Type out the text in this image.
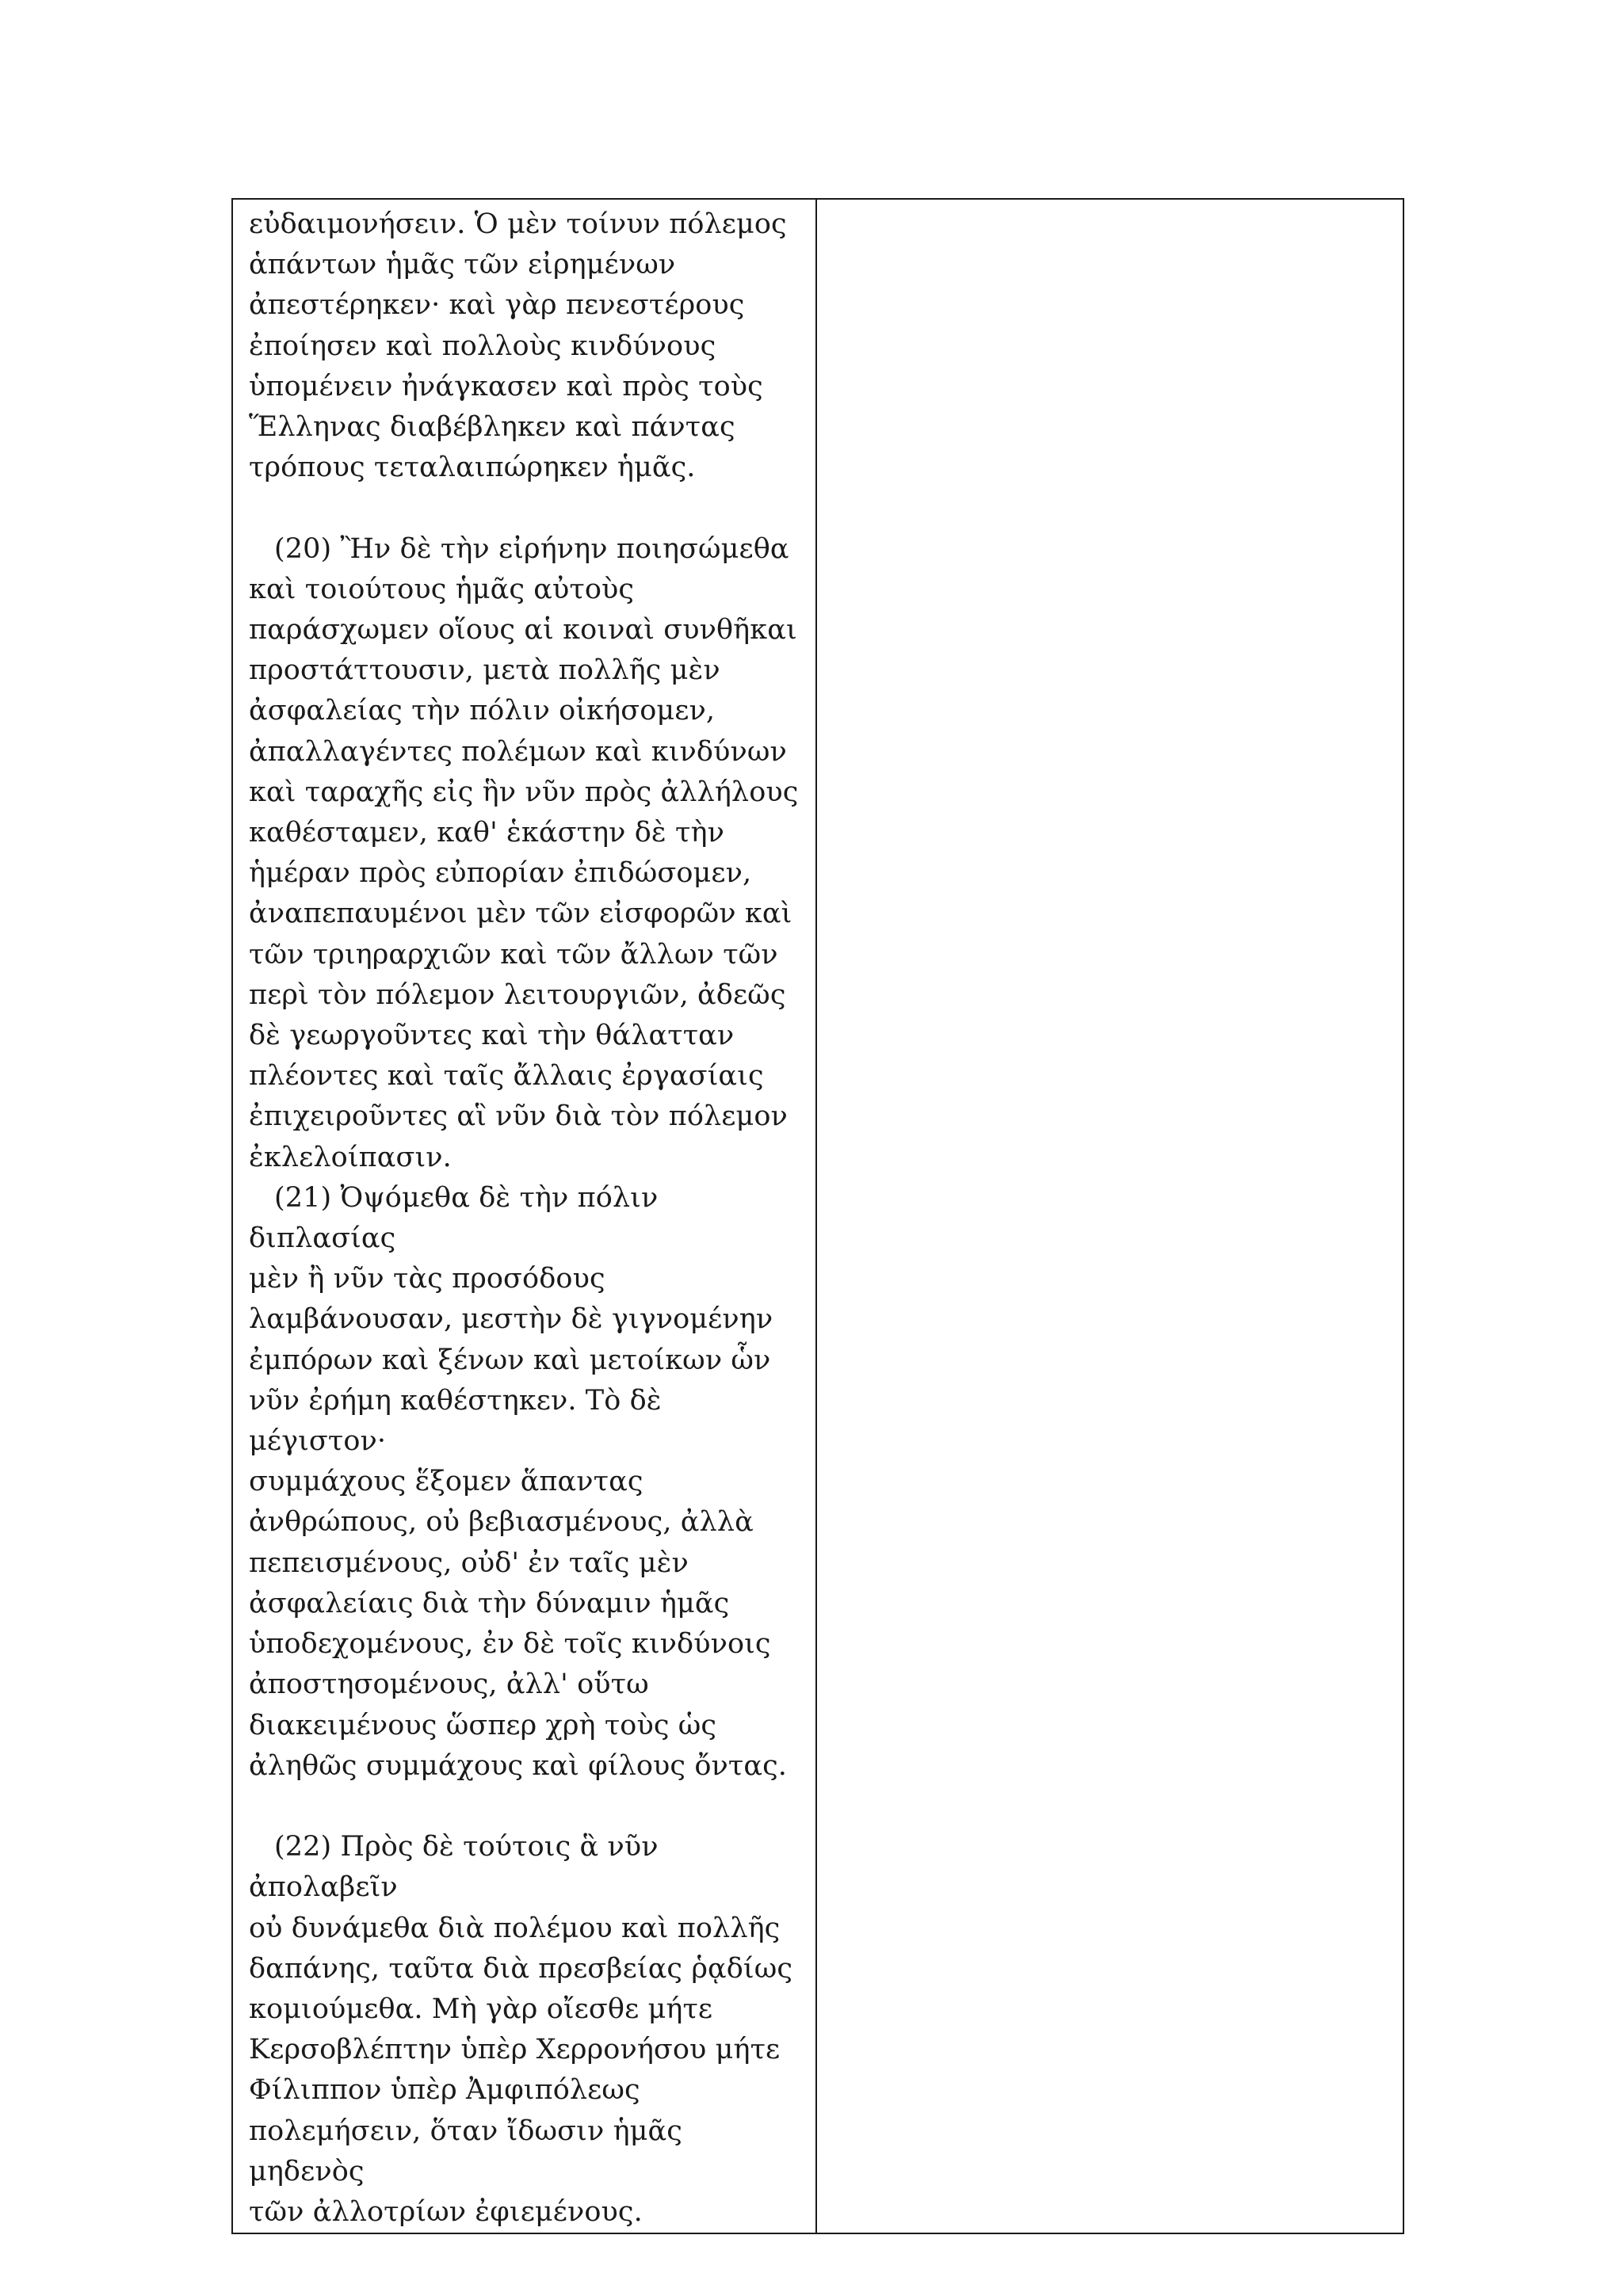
εὐδαιμονήσειν. Ὁ μὲν τοίνυν πόλεμος
ἁπάντων ἡμᾶς τῶν εἰρημένων
ἀπεστέρηκεν· καὶ γὰρ πενεστέρους
ἐποίησεν καὶ πολλοὺς κινδύνους
ὑπομένειν ἠνάγκασεν καὶ πρὸς τοὺς
Ἕλληνας διαβέβληκεν καὶ πάντας
τρόπους τεταλαιπώρηκεν ἡμᾶς.

(20) Ἢν δὲ τὴν εἰρήνην ποιησώμεθα
καὶ τοιούτους ἡμᾶς αὐτοὺς
παράσχωμεν οἵους αἱ κοιναὶ συνθῆκαι
προστάττουσιν, μετὰ πολλῆς μὲν
ἀσφαλείας τὴν πόλιν οἰκήσομεν,
ἀπαλλαγέντες πολέμων καὶ κινδύνων
καὶ ταραχῆς εἰς ἣν νῦν πρὸς ἀλλήλους
καθέσταμεν, καθ' ἑκάστην δὲ τὴν
ἡμέραν πρὸς εὐπορίαν ἐπιδώσομεν,
ἀναπεπαυμένοι μὲν τῶν εἰσφορῶν καὶ
τῶν τριηραρχιῶν καὶ τῶν ἄλλων τῶν
περὶ τὸν πόλεμον λειτουργιῶν, ἀδεῶς
δὲ γεωργοῦντες καὶ τὴν θάλατταν
πλέοντες καὶ ταῖς ἄλλαις ἐργασίαις
ἐπιχειροῦντες αἳ νῦν διὰ τὸν πόλεμον
ἐκλελοίπασιν.

(21) Ὀψόμεθα δὲ τὴν πόλιν διπλασίας
μὲν ἢ νῦν τὰς προσόδους
λαμβάνουσαν, μεστὴν δὲ γιγνομένην
ἐμπόρων καὶ ξένων καὶ μετοίκων ὧν
νῦν ἐρήμη καθέστηκεν. Τὸ δὲ μέγιστον·
συμμάχους ἕξομεν ἅπαντας
ἀνθρώπους, οὐ βεβιασμένους, ἀλλὰ
πεπεισμένους, οὐδ' ἐν ταῖς μὲν
ἀσφαλείαις διὰ τὴν δύναμιν ἡμᾶς
ὑποδεχομένους, ἐν δὲ τοῖς κινδύνοις
ἀποστησομένους, ἀλλ' οὕτω
διακειμένους ὥσπερ χρὴ τοὺς ὡς
ἀληθῶς συμμάχους καὶ φίλους ὄντας.

(22) Πρὸς δὲ τούτοις ἃ νῦν ἀπολαβεῖν
οὐ δυνάμεθα διὰ πολέμου καὶ πολλῆς
δαπάνης, ταῦτα διὰ πρεσβείας ῥᾳδίως
κομιούμεθα. Μὴ γὰρ οἴεσθε μήτε
Κερσοβλέπτην ὑπὲρ Χερρονήσου μήτε
Φίλιππον ὑπὲρ Ἀμφιπόλεως
πολεμήσειν, ὅταν ἴδωσιν ἡμᾶς μηδενὸς
τῶν ἀλλοτρίων ἐφιεμένους.
